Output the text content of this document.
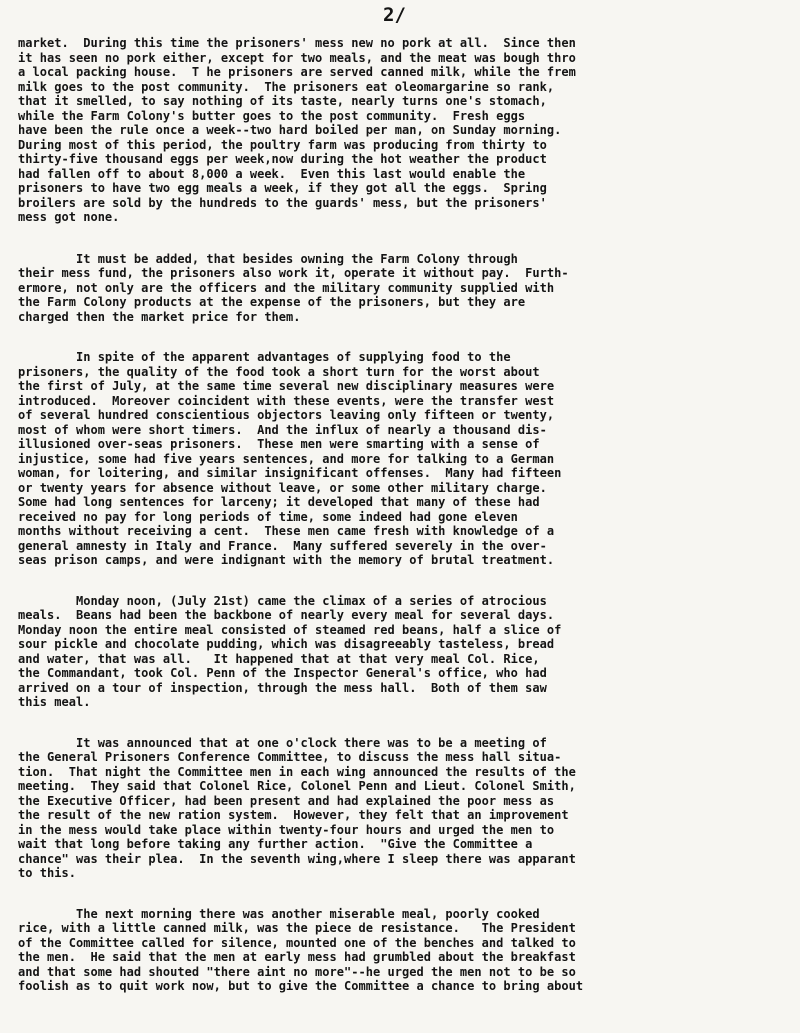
2/
market.  During this time the prisoners' mess new no pork at all.  Since then
it has seen no pork either, except for two meals, and the meat was bough thro
a local packing house.  T he prisoners are served canned milk, while the frem
milk goes to the post community.  The prisoners eat oleomargarine so rank,
that it smelled, to say nothing of its taste, nearly turns one's stomach,
while the Farm Colony's butter goes to the post community.  Fresh eggs
have been the rule once a week--two hard boiled per man, on Sunday morning.
During most of this period, the poultry farm was producing from thirty to
thirty-five thousand eggs per week,now during the hot weather the product
had fallen off to about 8,000 a week.  Even this last would enable the
prisoners to have two egg meals a week, if they got all the eggs.  Spring
broilers are sold by the hundreds to the guards' mess, but the prisoners'
mess got none.
It must be added, that besides owning the Farm Colony through
their mess fund, the prisoners also work it, operate it without pay.  Furth-
ermore, not only are the officers and the military community supplied with
the Farm Colony products at the expense of the prisoners, but they are
charged then the market price for them.
In spite of the apparent advantages of supplying food to the
prisoners, the quality of the food took a short turn for the worst about
the first of July, at the same time several new disciplinary measures were
introduced.  Moreover coincident with these events, were the transfer west
of several hundred conscientious objectors leaving only fifteen or twenty,
most of whom were short timers.  And the influx of nearly a thousand dis-
illusioned over-seas prisoners.  These men were smarting with a sense of
injustice, some had five years sentences, and more for talking to a German
woman, for loitering, and similar insignificant offenses.  Many had fifteen
or twenty years for absence without leave, or some other military charge.
Some had long sentences for larceny; it developed that many of these had
received no pay for long periods of time, some indeed had gone eleven
months without receiving a cent.  These men came fresh with knowledge of a
general amnesty in Italy and France.  Many suffered severely in the over-
seas prison camps, and were indignant with the memory of brutal treatment.
Monday noon, (July 21st) came the climax of a series of atrocious
meals.  Beans had been the backbone of nearly every meal for several days.
Monday noon the entire meal consisted of steamed red beans, half a slice of
sour pickle and chocolate pudding, which was disagreeably tasteless, bread
and water, that was all.   It happened that at that very meal Col. Rice,
the Commandant, took Col. Penn of the Inspector General's office, who had
arrived on a tour of inspection, through the mess hall.  Both of them saw
this meal.
It was announced that at one o'clock there was to be a meeting of
the General Prisoners Conference Committee, to discuss the mess hall situa-
tion.  That night the Committee men in each wing announced the results of the
meeting.  They said that Colonel Rice, Colonel Penn and Lieut. Colonel Smith,
the Executive Officer, had been present and had explained the poor mess as
the result of the new ration system.  However, they felt that an improvement
in the mess would take place within twenty-four hours and urged the men to
wait that long before taking any further action.  "Give the Committee a
chance" was their plea.  In the seventh wing,where I sleep there was apparant
to this.
The next morning there was another miserable meal, poorly cooked
rice, with a little canned milk, was the piece de resistance.   The President
of the Committee called for silence, mounted one of the benches and talked to
the men.  He said that the men at early mess had grumbled about the breakfast
and that some had shouted "there aint no more"--he urged the men not to be so
foolish as to quit work now, but to give the Committee a chance to bring about
